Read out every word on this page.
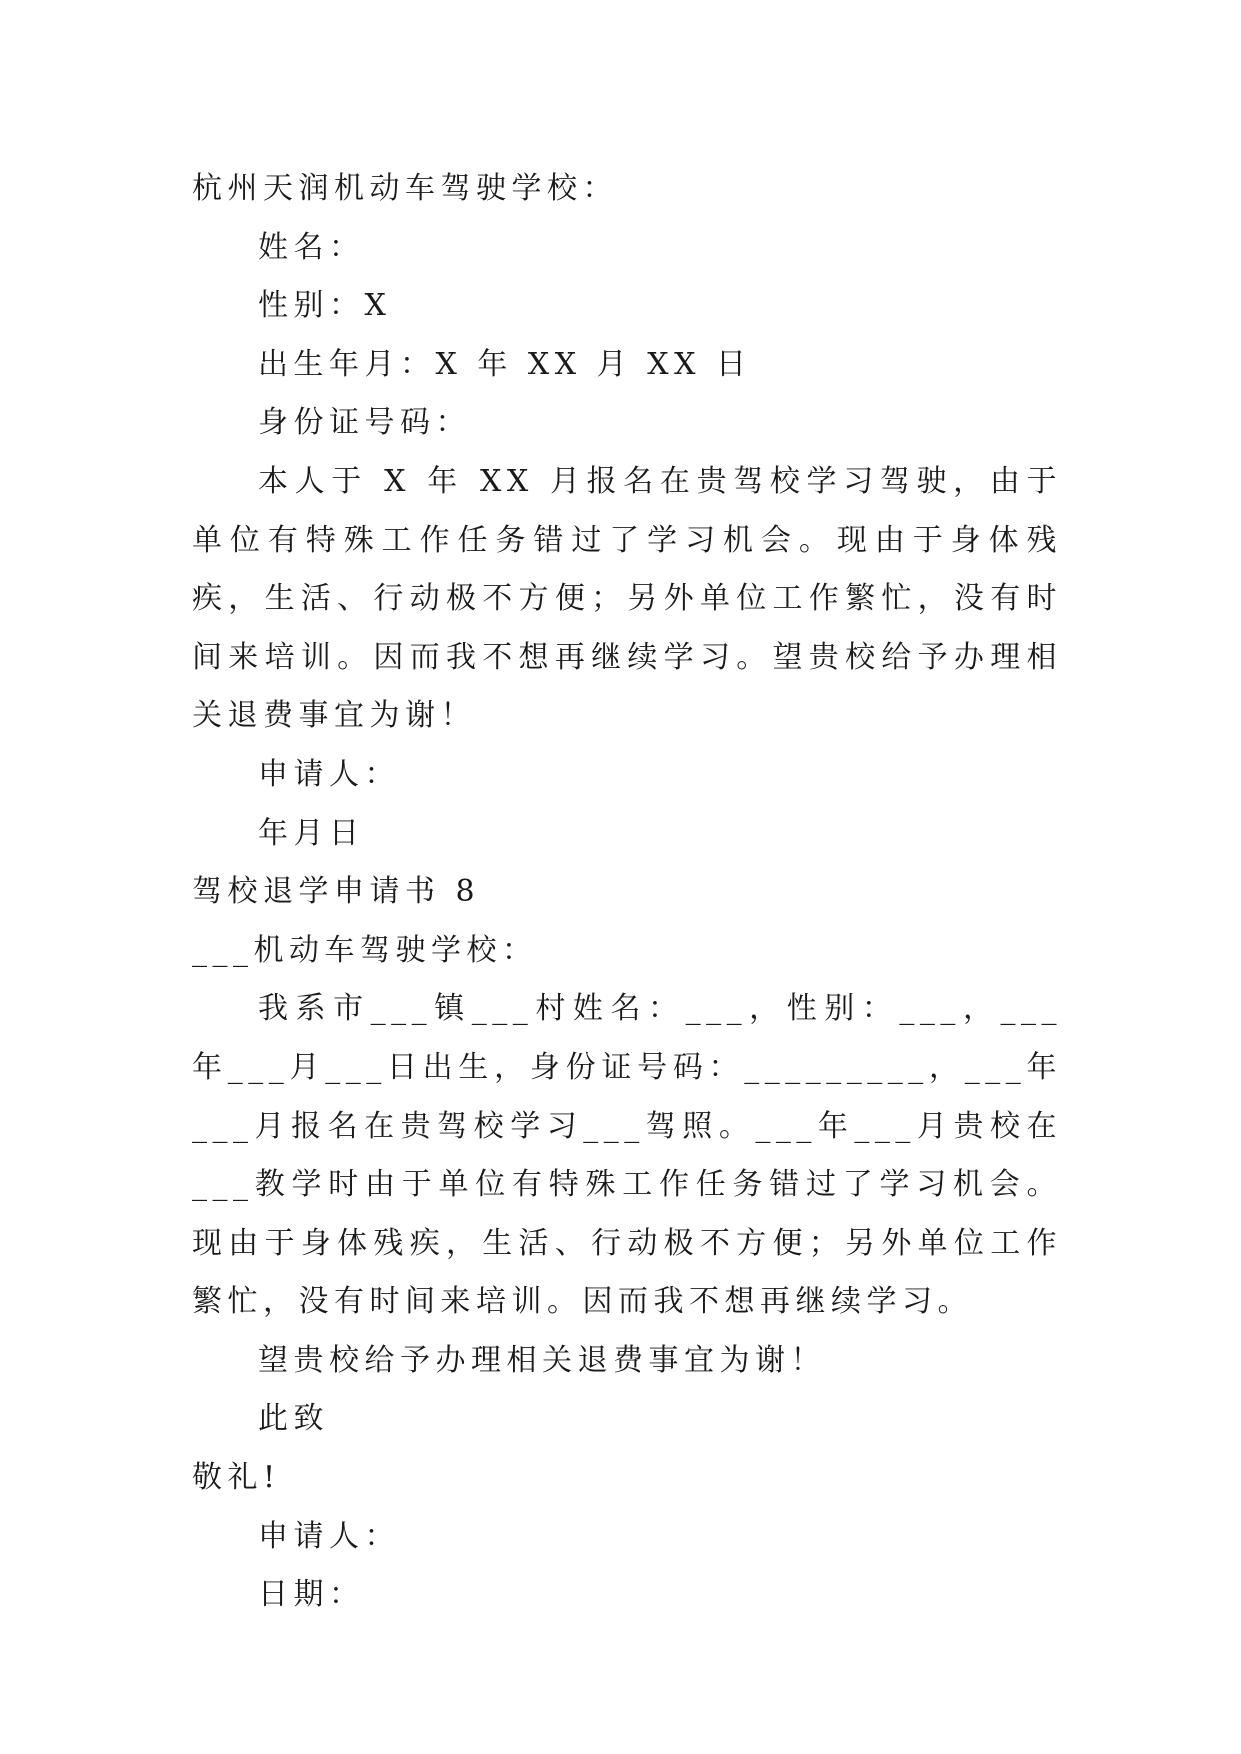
杭州天润机动车驾驶学校：

姓名：

性别：X

出生年月：X 年 XX 月 XX 日

身份证号码：

本人于 X 年 XX 月报名在贵驾校学习驾驶，由于单位有特殊工作任务错过了学习机会。现由于身体残疾，生活、行动极不方便；另外单位工作繁忙，没有时间来培训。因而我不想再继续学习。望贵校给予办理相关退费事宜为谢！

申请人：

年月日

驾校退学申请书 8

___机动车驾驶学校：

我系市___镇___村姓名：___，性别：___，___年___月___日出生，身份证号码：_________，___年___月报名在贵驾校学习___驾照。___年___月贵校在___教学时由于单位有特殊工作任务错过了学习机会。现由于身体残疾，生活、行动极不方便；另外单位工作繁忙，没有时间来培训。因而我不想再继续学习。

望贵校给予办理相关退费事宜为谢！

此致

敬礼!

申请人：

日期：
